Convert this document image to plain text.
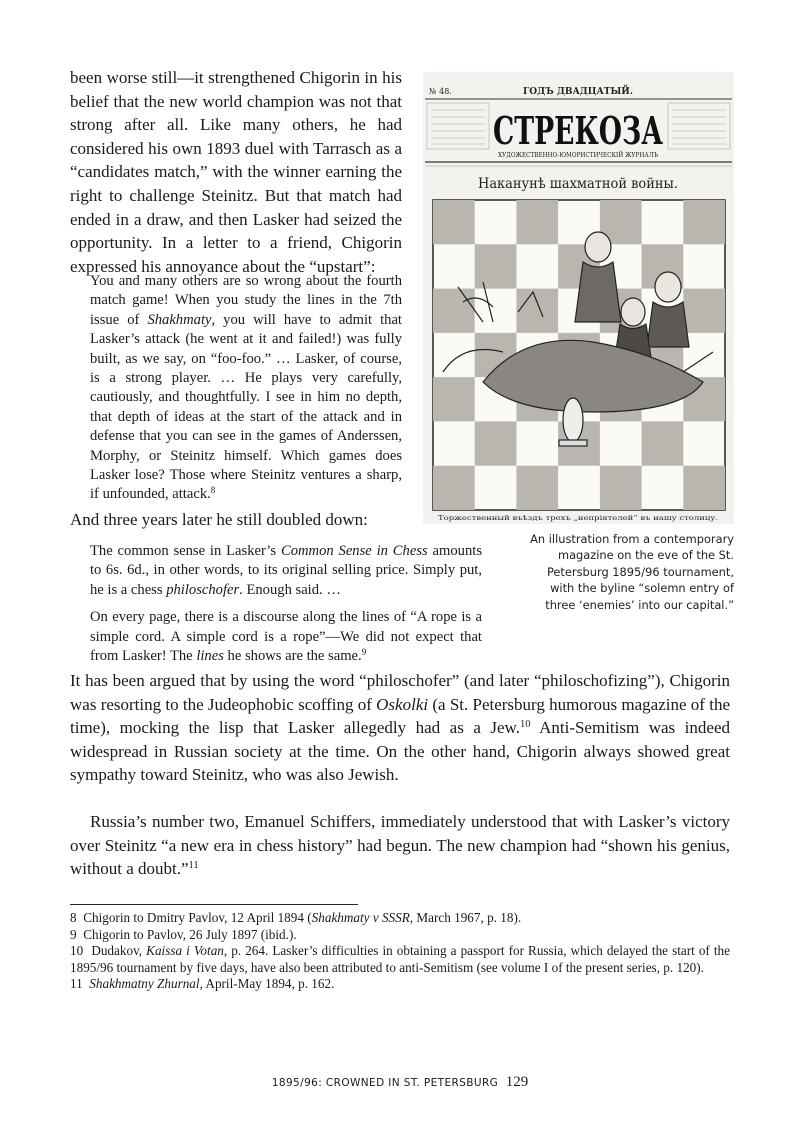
been worse still—it strengthened Chigorin in his belief that the new world champion was not that strong after all. Like many others, he had considered his own 1893 duel with Tarrasch as a “candidates match,” with the winner earning the right to challenge Steinitz. But that match had ended in a draw, and then Lasker had seized the opportunity. In a letter to a friend, Chigorin expressed his annoyance about the “upstart”:

You and many others are so wrong about the fourth match game! When you study the lines in the 7th issue of Shakhmaty, you will have to admit that Lasker’s attack (he went at it and failed!) was fully built, as we say, on “foo-foo.” … Lasker, of course, is a strong player. … He plays very carefully, cautiously, and thoughtfully. I see in him no depth, that depth of ideas at the start of the attack and in defense that you can see in the games of Anderssen, Morphy, or Steinitz himself. Which games does Lasker lose? Those where Steinitz ventures a sharp, if unfounded, attack.$^8$

And three years later he still doubled down:

The common sense in Lasker’s Common Sense in Chess amounts to 6s. 6d., in other words, to its original selling price. Simply put, he is a chess philoschofer. Enough said. …

On every page, there is a discourse along the lines of “A rope is a simple cord. A simple cord is a rope”—We did not expect that from Lasker! The lines he shows are the same.$^9$

It has been argued that by using the word “philoschofer” (and later “philoschofizing”), Chigorin was resorting to the Judeophobic scoffing of Oskolki (a St. Petersburg humorous magazine of the time), mocking the lisp that Lasker allegedly had as a Jew.$^{10}$ Anti-Semitism was indeed widespread in Russian society at the time. On the other hand, Chigorin always showed great sympathy toward Steinitz, who was also Jewish.

Russia’s number two, Emanuel Schiffers, immediately understood that with Lasker’s victory over Steinitz “a new era in chess history” had begun. The new champion had “shown his genius, without a doubt.”$^{11}$

8 Chigorin to Dmitry Pavlov, 12 April 1894 (Shakhmaty v SSSR, March 1967, p. 18).
9 Chigorin to Pavlov, 26 July 1897 (ibid.).
10 Dudakov, Kaissa i Votan, p. 264. Lasker’s difficulties in obtaining a passport for Russia, which delayed the start of the 1895/96 tournament by five days, have also been attributed to anti-Semitism (see volume I of the present series, p. 120).
11 Shakhmatny Zhurnal, April-May 1894, p. 162.
№ 48.	ГОДЪ ДВАДЦАТЫЙ.
СТРЕКОЗА
ХУДОЖЕСТВЕННО-ЮМОРИСТИЧЕСКІЙ ЖУРНАЛЪ
Наканунѣ шахматной войны.
Торжественный въѣздъ трехъ „непріятелей“ въ нашу столицу.

An illustration from a contemporary magazine on the eve of the St. Petersburg 1895/96 tournament, with the byline “solemn entry of three ‘enemies’ into our capital.”

1895/96: CROWNED IN ST. PETERSBURG 129
